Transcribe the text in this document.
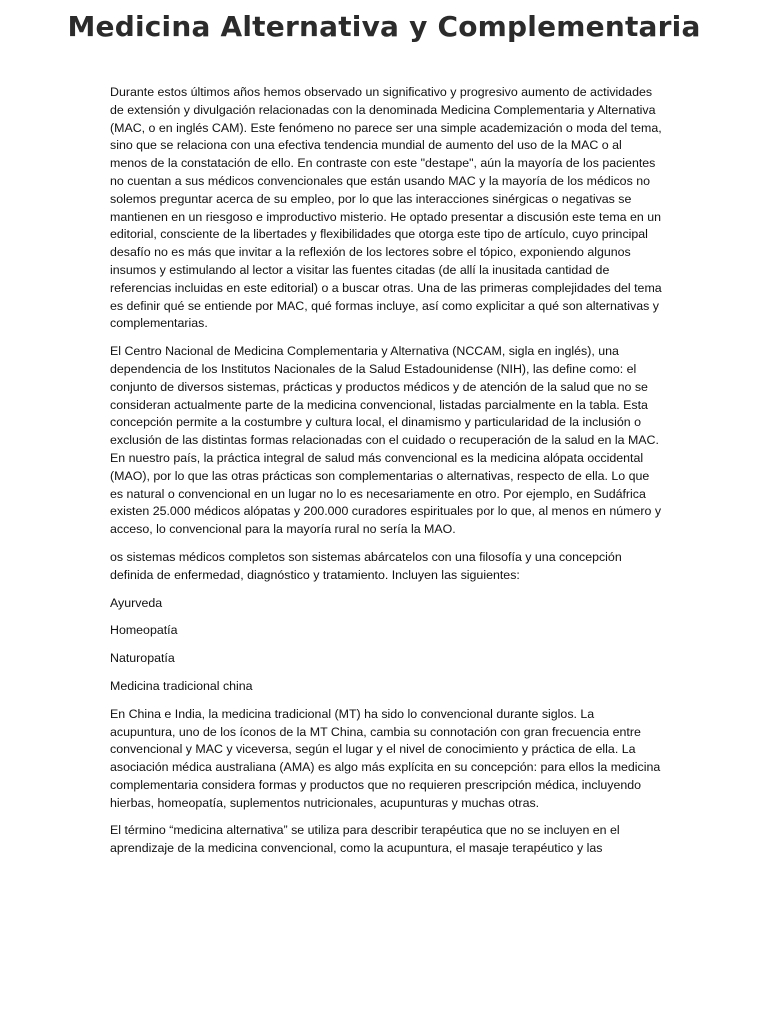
Medicina Alternativa y Complementaria

Durante estos últimos años hemos observado un significativo y progresivo aumento de actividades de extensión y divulgación relacionadas con la denominada Medicina Complementaria y Alternativa (MAC, o en inglés CAM). Este fenómeno no parece ser una simple academización o moda del tema, sino que se relaciona con una efectiva tendencia mundial de aumento del uso de la MAC o al menos de la constatación de ello. En contraste con este "destape", aún la mayoría de los pacientes no cuentan a sus médicos convencionales que están usando MAC y la mayoría de los médicos no solemos preguntar acerca de su empleo, por lo que las interacciones sinérgicas o negativas se mantienen en un riesgoso e improductivo misterio. He optado presentar a discusión este tema en un editorial, consciente de la libertades y flexibilidades que otorga este tipo de artículo, cuyo principal desafío no es más que invitar a la reflexión de los lectores sobre el tópico, exponiendo algunos insumos y estimulando al lector a visitar las fuentes citadas (de allí la inusitada cantidad de referencias incluidas en este editorial) o a buscar otras. Una de las primeras complejidades del tema es definir qué se entiende por MAC, qué formas incluye, así como explicitar a qué son alternativas y complementarias.

El Centro Nacional de Medicina Complementaria y Alternativa (NCCAM, sigla en inglés), una dependencia de los Institutos Nacionales de la Salud Estadounidense (NIH), las define como: el conjunto de diversos sistemas, prácticas y productos médicos y de atención de la salud que no se consideran actualmente parte de la medicina convencional, listadas parcialmente en la tabla. Esta concepción permite a la costumbre y cultura local, el dinamismo y particularidad de la inclusión o exclusión de las distintas formas relacionadas con el cuidado o recuperación de la salud en la MAC. En nuestro país, la práctica integral de salud más convencional es la medicina alópata occidental (MAO), por lo que las otras prácticas son complementarias o alternativas, respecto de ella. Lo que es natural o convencional en un lugar no lo es necesariamente en otro. Por ejemplo, en Sudáfrica existen 25.000 médicos alópatas y 200.000 curadores espirituales por lo que, al menos en número y acceso, lo convencional para la mayoría rural no sería la MAO.

os sistemas médicos completos son sistemas abárcatelos con una filosofía y una concepción definida de enfermedad, diagnóstico y tratamiento. Incluyen las siguientes:

Ayurveda

Homeopatía

Naturopatía

Medicina tradicional china

En China e India, la medicina tradicional (MT) ha sido lo convencional durante siglos. La acupuntura, uno de los íconos de la MT China, cambia su connotación con gran frecuencia entre convencional y MAC y viceversa, según el lugar y el nivel de conocimiento y práctica de ella. La asociación médica australiana (AMA) es algo más explícita en su concepción: para ellos la medicina complementaria considera formas y productos que no requieren prescripción médica, incluyendo hierbas, homeopatía, suplementos nutricionales, acupunturas y muchas otras.

El término “medicina alternativa” se utiliza para describir terapéutica que no se incluyen en el aprendizaje de la medicina convencional, como la acupuntura, el masaje terapéutico y las
